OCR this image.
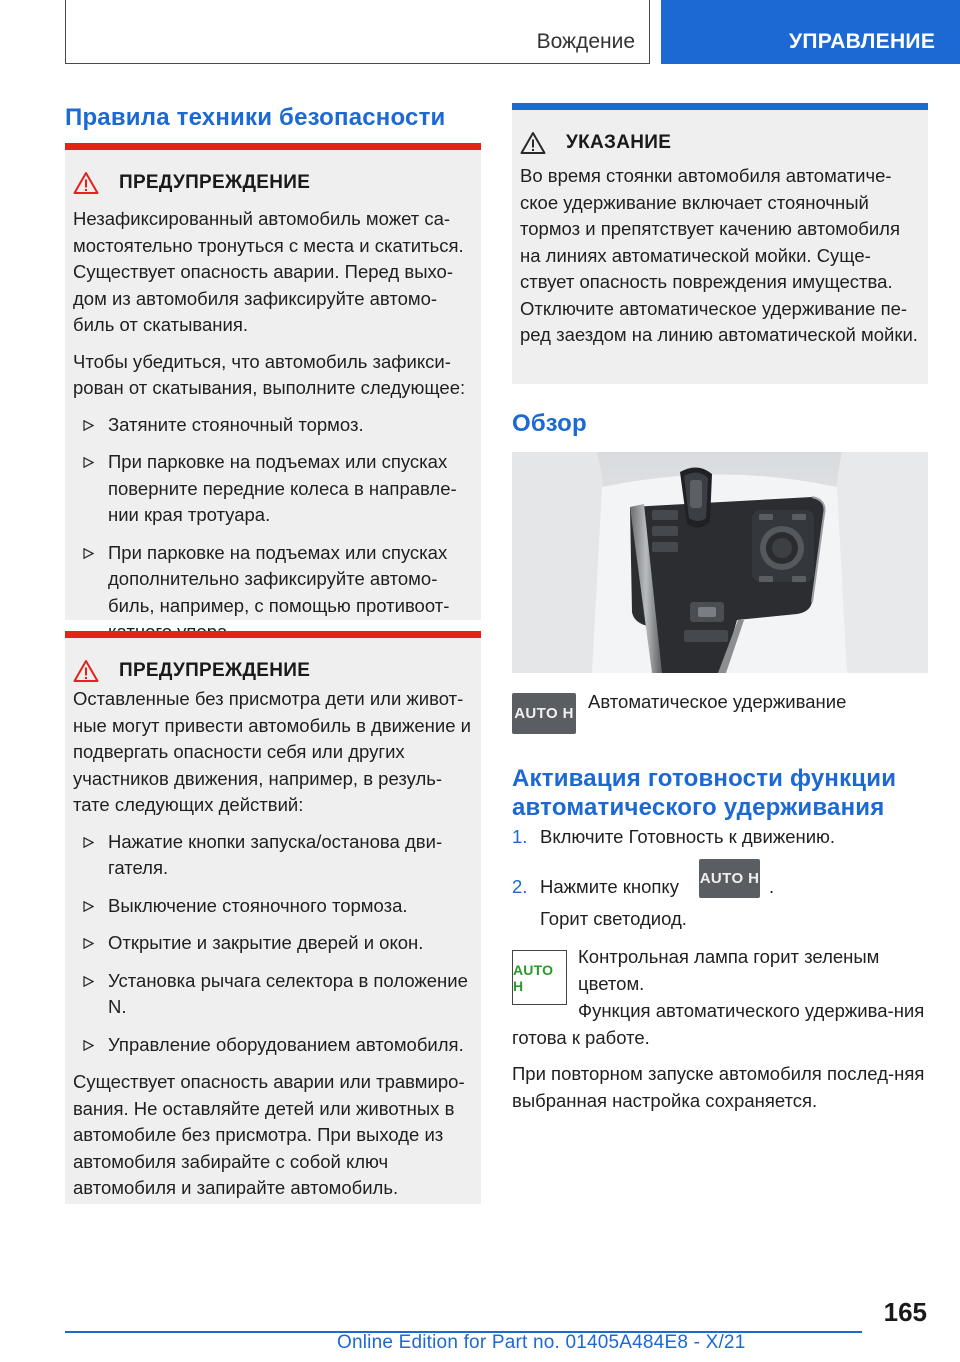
Вождение	УПРАВЛЕНИЕ
Правила техники безопасности
ПРЕДУПРЕЖДЕНИЕ

Незафиксированный автомобиль может са-мостоятельно тронуться с места и скатиться. Существует опасность аварии. Перед выхо-дом из автомобиля зафиксируйте автомо-биль от скатывания.

Чтобы убедиться, что автомобиль зафикси-рован от скатывания, выполните следующее:

Затяните стояночный тормоз.
При парковке на подъемах или спусках поверните передние колеса в направле-нии края тротуара.
При парковке на подъемах или спусках дополнительно зафиксируйте автомо-биль, например, с помощью противоот-
ПРЕДУПРЕЖДЕНИЕ

Оставленные без присмотра дети или живот-ные могут привести автомобиль в движение и подвергать опасности себя или других участников движения, например, в резуль-тате следующих действий:

Нажатие кнопки запуска/останова дви-гателя.
Выключение стояночного тормоза.
Открытие и закрытие дверей и окон.
Установка рычага селектора в положение N.
Управление оборудованием автомобиля.

Существует опасность аварии или травмиро-вания. Не оставляйте детей или животных в автомобиле без присмотра. При выходе из автомобиля забирайте с собой ключ автомобиля и запирайте автомобиль.

УКАЗАНИЕ

Во время стоянки автомобиля автоматиче-ское удерживание включает стояночный тормоз и препятствует качению автомобиля на линиях автоматической мойки. Суще-ствует опасность повреждения имущества. Отключите автоматическое удерживание пе-ред заездом на линию автоматической мойки.

Обзор
AUTO H
Автоматическое удерживание
Активация готовности функции автоматического удерживания
1. Включите Готовность к движению.
2. Нажмите кнопку	AUTO H .
Горит светодиод.
AUTO H
Контрольная лампа горит зеленым цветом.

Функция автоматического удержива-ния готова к работе.

При повторном запуске автомобиля послед-няя выбранная настройка сохраняется.

165
Online Edition for Part no. 01405A484E8 - X/21
